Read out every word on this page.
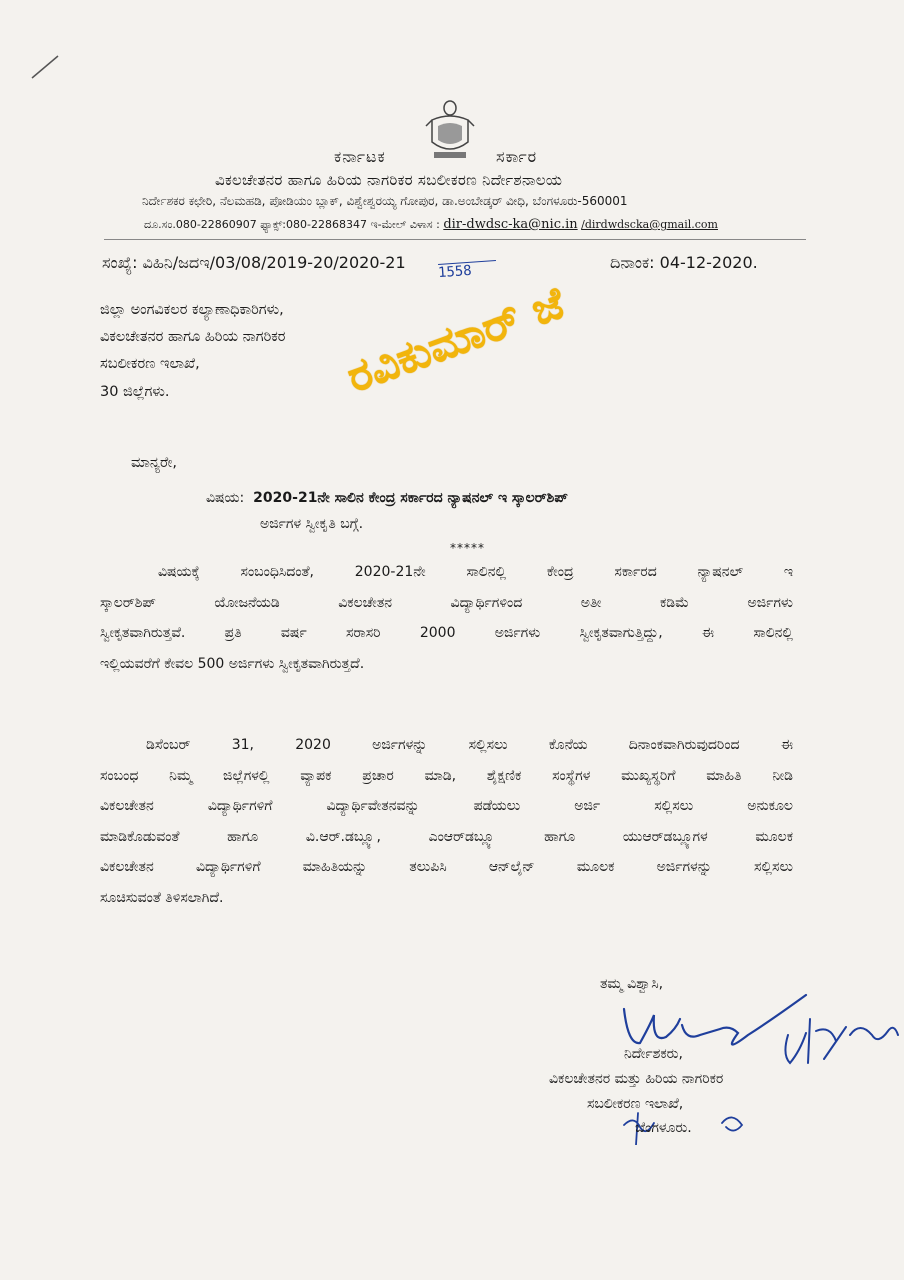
ಕರ್ನಾಟಕ	ಸರ್ಕಾರ
ವಿಕಲಚೇತನರ ಹಾಗೂ ಹಿರಿಯ ನಾಗರಿಕರ ಸಬಲೀಕರಣ ನಿರ್ದೇಶನಾಲಯ
ನಿರ್ದೇಶಕರ ಕಛೇರಿ, ನೆಲಮಹಡಿ, ಪೋಡಿಯಂ ಬ್ಲಾಕ್, ವಿಶ್ವೇಶ್ವರಯ್ಯ ಗೋಪುರ, ಡಾ.ಅಂಬೇಡ್ಕರ್ ವೀಧಿ, ಬೆಂಗಳೂರು-560001
ದೂ.ಸಂ.080-22860907 ಫ್ಯಾಕ್ಸ್:080-22868347 ಇ-ಮೇಲ್ ವಿಳಾಸ : dir-dwdsc-ka@nic.in /dirdwdscka@gmail.com
ಸಂಖ್ಯೆ: ವಿಹಿನಿ/ಜದಇ/03/08/2019-20/2020-21 1558	ದಿನಾಂಕ: 04-12-2020.
ಜಿಲ್ಲಾ ಅಂಗವಿಕಲರ ಕಲ್ಯಾಣಾಧಿಕಾರಿಗಳು,
ವಿಕಲಚೇತನರ ಹಾಗೂ ಹಿರಿಯ ನಾಗರಿಕರ
ಸಬಲೀಕರಣ ಇಲಾಖೆ,
30 ಜಿಲ್ಲೆಗಳು.	ರವಿಕುಮಾರ್ ಜೆ
ಮಾನ್ಯರೇ,
ವಿಷಯ: 2020-21ನೇ ಸಾಲಿನ ಕೇಂದ್ರ ಸರ್ಕಾರದ ನ್ಯಾಷನಲ್ ಇ ಸ್ಕಾಲರ್‌ಶಿಪ್
ಅರ್ಜಿಗಳ ಸ್ವೀಕೃತಿ ಬಗ್ಗೆ.
*****
ವಿಷಯಕ್ಕೆ ಸಂಬಂಧಿಸಿದಂತೆ, 2020-21ನೇ ಸಾಲಿನಲ್ಲಿ ಕೇಂದ್ರ ಸರ್ಕಾರದ ನ್ಯಾಷನಲ್ ಇ
ಸ್ಕಾಲರ್‌ಶಿಪ್ ಯೋಜನೆಯಡಿ ವಿಕಲಚೇತನ ವಿದ್ಯಾರ್ಥಿಗಳಿಂದ ಅತೀ ಕಡಿಮೆ ಅರ್ಜಿಗಳು
ಸ್ವೀಕೃತವಾಗಿರುತ್ತವೆ. ಪ್ರತಿ ವರ್ಷ ಸರಾಸರಿ 2000 ಅರ್ಜಿಗಳು ಸ್ವೀಕೃತವಾಗುತ್ತಿದ್ದು, ಈ ಸಾಲಿನಲ್ಲಿ
ಇಲ್ಲಿಯವರೆಗೆ ಕೇವಲ 500 ಅರ್ಜಿಗಳು ಸ್ವೀಕೃತವಾಗಿರುತ್ತದೆ.
ಡಿಸೆಂಬರ್ 31, 2020 ಅರ್ಜಿಗಳನ್ನು ಸಲ್ಲಿಸಲು ಕೊನೆಯ ದಿನಾಂಕವಾಗಿರುವುದರಿಂದ ಈ
ಸಂಬಂಧ ನಿಮ್ಮ ಜಿಲ್ಲೆಗಳಲ್ಲಿ ವ್ಯಾಪಕ ಪ್ರಚಾರ ಮಾಡಿ, ಶೈಕ್ಷಣಿಕ ಸಂಸ್ಥೆಗಳ ಮುಖ್ಯಸ್ಥರಿಗೆ ಮಾಹಿತಿ ನೀಡಿ
ವಿಕಲಚೇತನ ವಿದ್ಯಾರ್ಥಿಗಳಿಗೆ ವಿದ್ಯಾರ್ಥಿವೇತನವನ್ನು ಪಡೆಯಲು ಅರ್ಜಿ ಸಲ್ಲಿಸಲು ಅನುಕೂಲ
ಮಾಡಿಕೊಡುವಂತೆ ಹಾಗೂ ವಿ.ಆರ್.ಡಬ್ಲ್ಯೂ, ಎಂಆರ್‌ಡಬ್ಲ್ಯೂ ಹಾಗೂ ಯುಆರ್‌ಡಬ್ಲ್ಯೂಗಳ ಮೂಲಕ
ವಿಕಲಚೇತನ ವಿದ್ಯಾರ್ಥಿಗಳಿಗೆ ಮಾಹಿತಿಯನ್ನು ತಲುಪಿಸಿ ಆನ್‌ಲೈನ್ ಮೂಲಕ ಅರ್ಜಿಗಳನ್ನು ಸಲ್ಲಿಸಲು
ಸೂಚಿಸುವಂತೆ ತಿಳಿಸಲಾಗಿದೆ.
ತಮ್ಮ ವಿಶ್ವಾಸಿ,
ನಿರ್ದೇಶಕರು,
ವಿಕಲಚೇತನರ ಮತ್ತು ಹಿರಿಯ ನಾಗರಿಕರ
ಸಬಲೀಕರಣ ಇಲಾಖೆ,
ಬೆಂಗಳೂರು.
